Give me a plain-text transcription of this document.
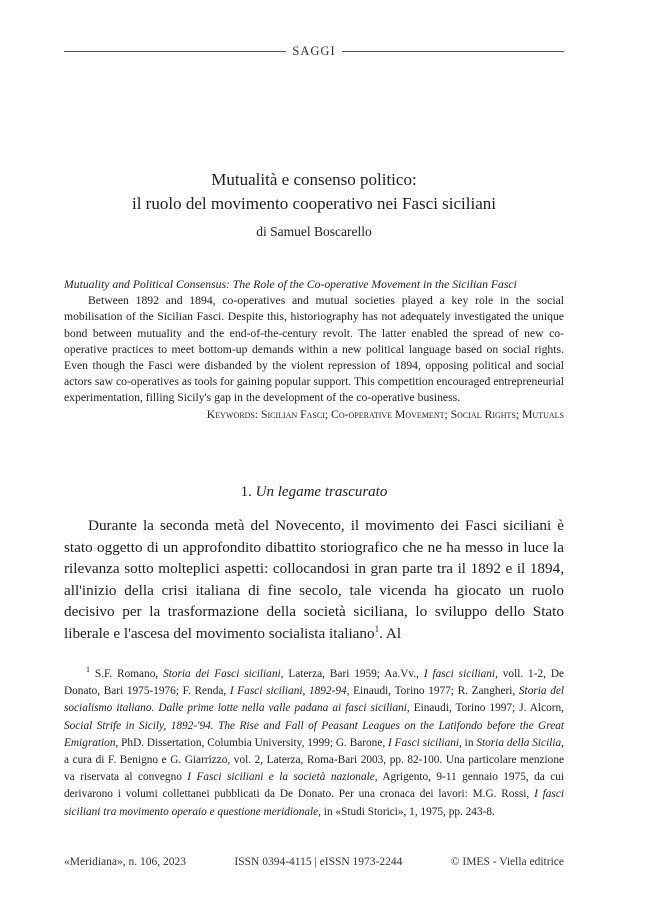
SAGGI
Mutualità e consenso politico:
il ruolo del movimento cooperativo nei Fasci siciliani
di Samuel Boscarello
Mutuality and Political Consensus: The Role of the Co-operative Movement in the Sicilian Fasci
Between 1892 and 1894, co-operatives and mutual societies played a key role in the social mobilisation of the Sicilian Fasci. Despite this, historiography has not adequately investigated the unique bond between mutuality and the end-of-the-century revolt. The latter enabled the spread of new co-operative practices to meet bottom-up demands within a new political language based on social rights. Even though the Fasci were disbanded by the violent repression of 1894, opposing political and social actors saw co-operatives as tools for gaining popular support. This competition encouraged entrepreneurial experimentation, filling Sicily's gap in the development of the co-operative business.
Keywords: Sicilian Fasci; Co-operative Movement; Social Rights; Mutuals
1. Un legame trascurato

Durante la seconda metà del Novecento, il movimento dei Fasci siciliani è stato oggetto di un approfondito dibattito storiografico che ne ha messo in luce la rilevanza sotto molteplici aspetti: collocandosi in gran parte tra il 1892 e il 1894, all'inizio della crisi italiana di fine secolo, tale vicenda ha giocato un ruolo decisivo per la trasformazione della società siciliana, lo sviluppo dello Stato liberale e l'ascesa del movimento socialista italiano$^1$. Al

$^1$ S.F. Romano, Storia dei Fasci siciliani, Laterza, Bari 1959; Aa.Vv., I fasci siciliani, voll. 1-2, De Donato, Bari 1975-1976; F. Renda, I Fasci siciliani, 1892-94, Einaudi, Torino 1977; R. Zangheri, Storia del socialismo italiano. Dalle prime lotte nella valle padana ai fasci siciliani, Einaudi, Torino 1997; J. Alcorn, Social Strife in Sicily, 1892-'94. The Rise and Fall of Peasant Leagues on the Latifondo before the Great Emigration, PhD. Dissertation, Columbia University, 1999; G. Barone, I Fasci siciliani, in Storia della Sicilia, a cura di F. Benigno e G. Giarrizzo, vol. 2, Laterza, Roma-Bari 2003, pp. 82-100. Una particolare menzione va riservata al convegno I Fasci siciliani e la società nazionale, Agrigento, 9-11 gennaio 1975, da cui derivarono i volumi collettanei pubblicati da De Donato. Per una cronaca dei lavori: M.G. Rossi, I fasci siciliani tra movimento operaio e questione meridionale, in «Studi Storici», 1, 1975, pp. 243-8.

«Meridiana», n. 106, 2023	ISSN 0394-4115 | eISSN 1973-2244	© IMES - Viella editrice
